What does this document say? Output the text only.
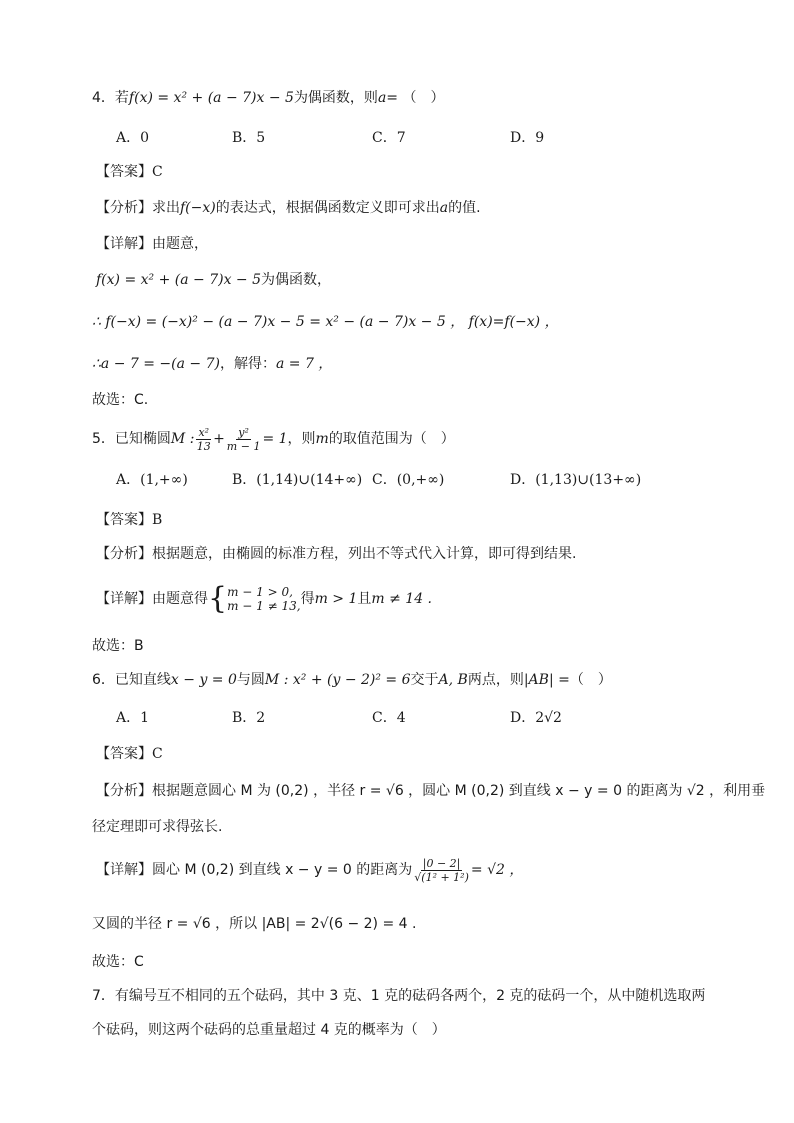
4．若f(x) = x² + (a − 7)x − 5为偶函数，则a= （　）
A．0	B．5	C．7	D．9
【答案】C
【分析】求出f(−x)的表达式，根据偶函数定义即可求出a的值.
【详解】由题意，
f(x) = x² + (a − 7)x − 5为偶函数，
∴ f(−x) = (−x)² − (a − 7)x − 5 = x² − (a − 7)x − 5 ， f(x)=f(−x) ，
∴a − 7 = −(a − 7)，解得：a = 7 ，
故选：C.
5．已知椭圆M : $\frac{\text{x²}}{13} + \frac{\text{y²}}{m - 1} = 1$，则m的取值范围为（　）
A．(1,+∞)	B．(1,14)∪(14+∞) C．(0,+∞)	D．(1,13)∪(13+∞)
【答案】B
【分析】根据题意，由椭圆的标准方程，列出不等式代入计算，即可得到结果.
【详解】由题意得 { m − 1 > 0,
m − 1 ≠ 13, 得m > 1且m ≠ 14 .
故选：B
6．已知直线x − y = 0与圆M : x² + (y − 2)² = 6交于A, B两点，则|AB| =（　）
A．1	B．2	C．4	D．2√2
【答案】C
【分析】根据题意圆心 M 为 (0,2) ，半径 r = √6 ，圆心 M (0,2) 到直线 x − y = 0 的距离为 √2 ，利用垂
径定理即可求得弦长.
【详解】圆心 M (0,2) 到直线 x − y = 0 的距离为 $\frac{|0 - 2|}{\text{√(1² + 1²)}} = √2$ ，
又圆的半径 r = √6 ，所以 |AB| = 2√(6 − 2) = 4 .
故选：C
7．有编号互不相同的五个砝码，其中 3 克、1 克的砝码各两个，2 克的砝码一个，从中随机选取两
个砝码，则这两个砝码的总重量超过 4 克的概率为（　）
